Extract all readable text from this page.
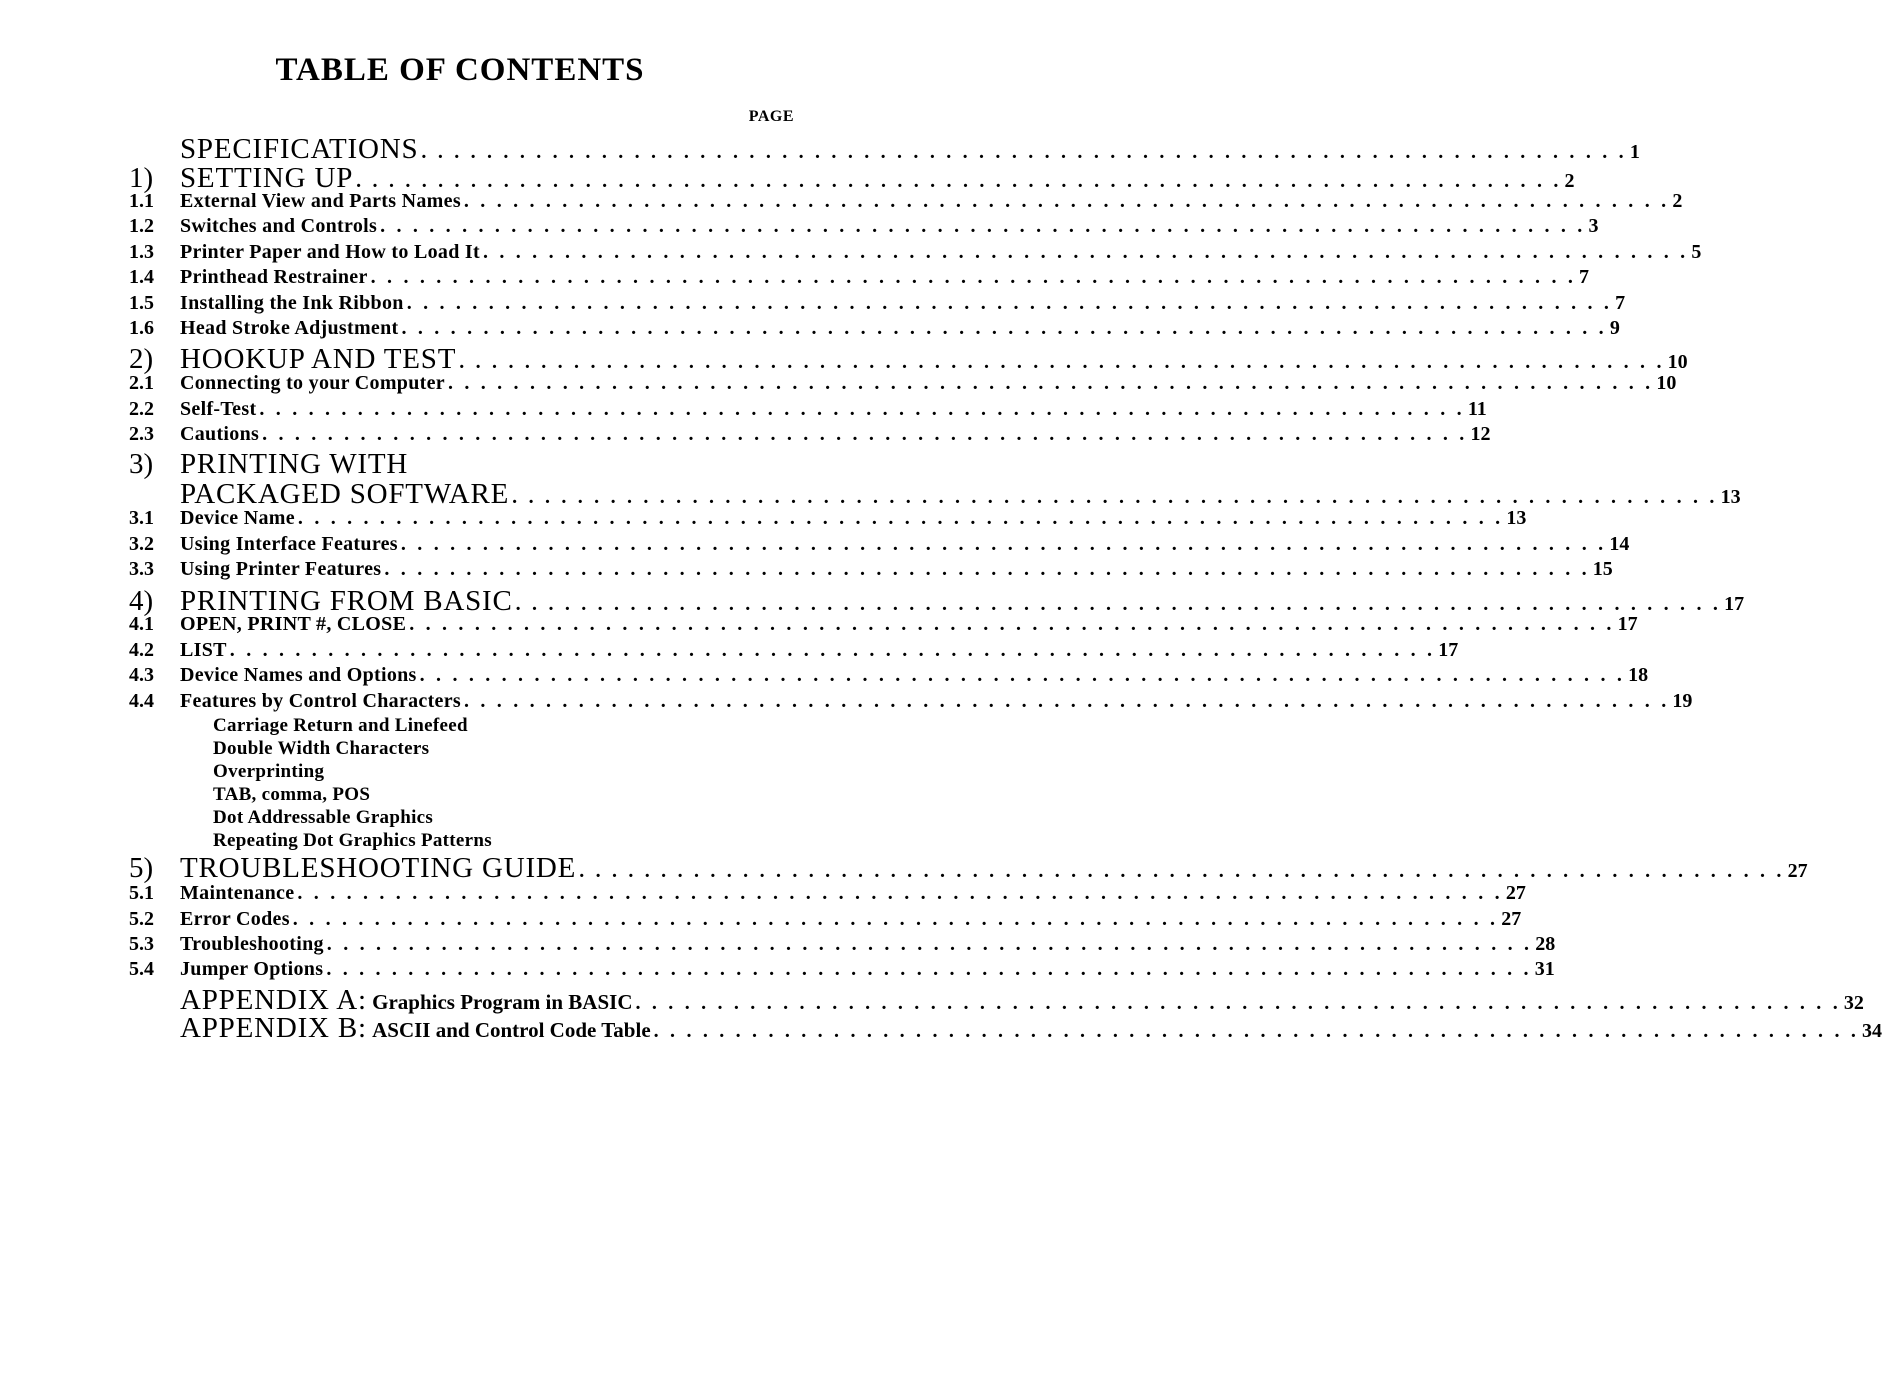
TABLE OF CONTENTS
PAGE
SPECIFICATIONS . . . . . . . . . . . . . . . . . . . . . . . . . . . . . . . . . . . . . . . . . . . . . . . . . . . . . . . . . . . . . . . . . . . . . . . . . . 1
1) SETTING UP . . . . . . . . . . . . . . . . . . . . . . . . . . . . . . . . . . . . . . . . . . . . . . . . . . . . . . . . . . . . . . . . . . . . . . . . . . 2
1.1 External View and Parts Names . . . . . . . . . . . . . . . . . . . . . . . . . . . . . . . . . . . . . . . . . . . . . . . . . . . . . . . . . . . . . . . . . . . . . . . . . . 2
1.2 Switches and Controls . . . . . . . . . . . . . . . . . . . . . . . . . . . . . . . . . . . . . . . . . . . . . . . . . . . . . . . . . . . . . . . . . . . . . . . . . . 3
1.3 Printer Paper and How to Load It . . . . . . . . . . . . . . . . . . . . . . . . . . . . . . . . . . . . . . . . . . . . . . . . . . . . . . . . . . . . . . . . . . . . . . . . . . 5
1.4 Printhead Restrainer . . . . . . . . . . . . . . . . . . . . . . . . . . . . . . . . . . . . . . . . . . . . . . . . . . . . . . . . . . . . . . . . . . . . . . . . . . 7
1.5 Installing the Ink Ribbon . . . . . . . . . . . . . . . . . . . . . . . . . . . . . . . . . . . . . . . . . . . . . . . . . . . . . . . . . . . . . . . . . . . . . . . . . . 7
1.6 Head Stroke Adjustment . . . . . . . . . . . . . . . . . . . . . . . . . . . . . . . . . . . . . . . . . . . . . . . . . . . . . . . . . . . . . . . . . . . . . . . . . . 9
2) HOOKUP AND TEST . . . . . . . . . . . . . . . . . . . . . . . . . . . . . . . . . . . . . . . . . . . . . . . . . . . . . . . . . . . . . . . . . . . . . . . . . . 10
2.1 Connecting to your Computer . . . . . . . . . . . . . . . . . . . . . . . . . . . . . . . . . . . . . . . . . . . . . . . . . . . . . . . . . . . . . . . . . . . . . . . . . . 10
2.2 Self-Test . . . . . . . . . . . . . . . . . . . . . . . . . . . . . . . . . . . . . . . . . . . . . . . . . . . . . . . . . . . . . . . . . . . . . . . . . . 11
2.3 Cautions . . . . . . . . . . . . . . . . . . . . . . . . . . . . . . . . . . . . . . . . . . . . . . . . . . . . . . . . . . . . . . . . . . . . . . . . . . 12
3) PRINTING WITH
PACKAGED SOFTWARE . . . . . . . . . . . . . . . . . . . . . . . . . . . . . . . . . . . . . . . . . . . . . . . . . . . . . . . . . . . . . . . . . . . . . . . . . . 13
3.1 Device Name . . . . . . . . . . . . . . . . . . . . . . . . . . . . . . . . . . . . . . . . . . . . . . . . . . . . . . . . . . . . . . . . . . . . . . . . . . 13
3.2 Using Interface Features . . . . . . . . . . . . . . . . . . . . . . . . . . . . . . . . . . . . . . . . . . . . . . . . . . . . . . . . . . . . . . . . . . . . . . . . . . 14
3.3 Using Printer Features . . . . . . . . . . . . . . . . . . . . . . . . . . . . . . . . . . . . . . . . . . . . . . . . . . . . . . . . . . . . . . . . . . . . . . . . . . 15
4) PRINTING FROM BASIC . . . . . . . . . . . . . . . . . . . . . . . . . . . . . . . . . . . . . . . . . . . . . . . . . . . . . . . . . . . . . . . . . . . . . . . . . . 17
4.1 OPEN, PRINT #, CLOSE . . . . . . . . . . . . . . . . . . . . . . . . . . . . . . . . . . . . . . . . . . . . . . . . . . . . . . . . . . . . . . . . . . . . . . . . . . 17
4.2 LIST . . . . . . . . . . . . . . . . . . . . . . . . . . . . . . . . . . . . . . . . . . . . . . . . . . . . . . . . . . . . . . . . . . . . . . . . . . 17
4.3 Device Names and Options . . . . . . . . . . . . . . . . . . . . . . . . . . . . . . . . . . . . . . . . . . . . . . . . . . . . . . . . . . . . . . . . . . . . . . . . . . 18
4.4 Features by Control Characters . . . . . . . . . . . . . . . . . . . . . . . . . . . . . . . . . . . . . . . . . . . . . . . . . . . . . . . . . . . . . . . . . . . . . . . . . . 19
Carriage Return and Linefeed
Double Width Characters
Overprinting
TAB, comma, POS
Dot Addressable Graphics
Repeating Dot Graphics Patterns
5) TROUBLESHOOTING GUIDE . . . . . . . . . . . . . . . . . . . . . . . . . . . . . . . . . . . . . . . . . . . . . . . . . . . . . . . . . . . . . . . . . . . . . . . . . . 27
5.1 Maintenance . . . . . . . . . . . . . . . . . . . . . . . . . . . . . . . . . . . . . . . . . . . . . . . . . . . . . . . . . . . . . . . . . . . . . . . . . . 27
5.2 Error Codes . . . . . . . . . . . . . . . . . . . . . . . . . . . . . . . . . . . . . . . . . . . . . . . . . . . . . . . . . . . . . . . . . . . . . . . . . . 27
5.3 Troubleshooting . . . . . . . . . . . . . . . . . . . . . . . . . . . . . . . . . . . . . . . . . . . . . . . . . . . . . . . . . . . . . . . . . . . . . . . . . . 28
5.4 Jumper Options . . . . . . . . . . . . . . . . . . . . . . . . . . . . . . . . . . . . . . . . . . . . . . . . . . . . . . . . . . . . . . . . . . . . . . . . . . 31
APPENDIX A: Graphics Program in BASIC . . . . . . . . . . . . . . . . . . . . . . . . . . . . . . . . . . . . . . . . . . . . . . . . . . . . . . . . . . . . . . . . . . . . . . . . . . 32
APPENDIX B: ASCII and Control Code Table . . . . . . . . . . . . . . . . . . . . . . . . . . . . . . . . . . . . . . . . . . . . . . . . . . . . . . . . . . . . . . . . . . . . . . . . . . 34
